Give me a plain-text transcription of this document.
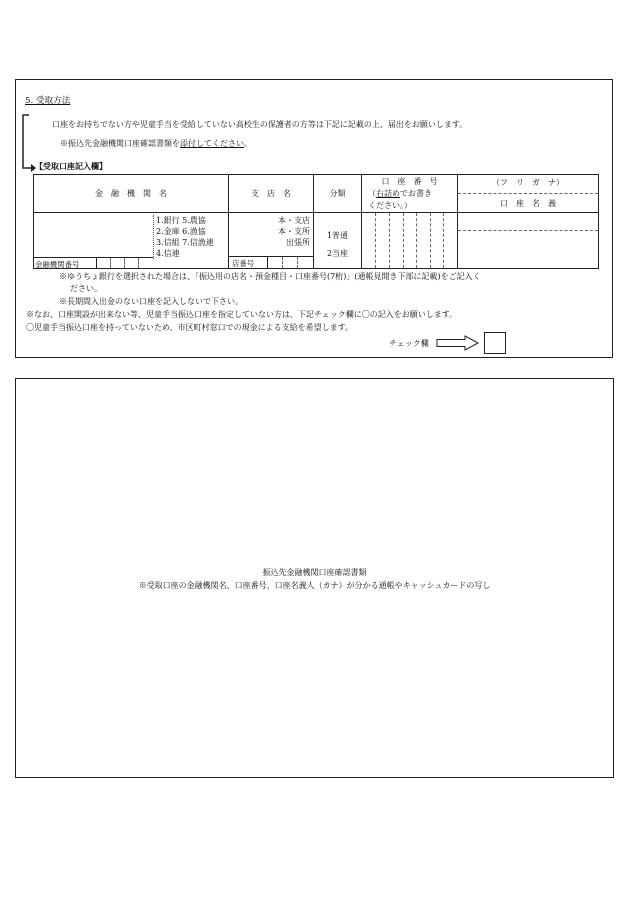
5. 受取方法
口座をお持ちでない方や児童手当を受給していない高校生の保護者の方等は下記に記載の上、届出をお願いします。
※振込先金融機関口座確認書類を添付してください。
【受取口座記入欄】
金　融　機　関　名	支　店　名	分類
口　座　番　号
（右詰めでお書き
ください。）
（フ　リ　ガ　ナ）
口　座　名　義
1.銀行 5.農協
2.金庫 6.漁協
3.信組 7.信漁連
4.信連
金融機関番号
本・支店
本・支所
出張所
店番号
1普通
2当座
※ゆうちょ銀行を選択された場合は、「振込用の店名・預金種目・口座番号(7桁)」(通帳見開き下部に記載)をご記入く
ださい。
※長期間入出金のない口座を記入しないで下さい。
※なお、口座開設が出来ない等、児童手当振込口座を指定していない方は、下記チェック欄に〇の記入をお願いします。
〇児童手当振込口座を持っていないため、市区町村窓口での現金による支給を希望します。
チェック欄
振込先金融機関口座確認書類
※受取口座の金融機関名、口座番号、口座名義人（カナ）が分かる通帳やキャッシュカードの写し
